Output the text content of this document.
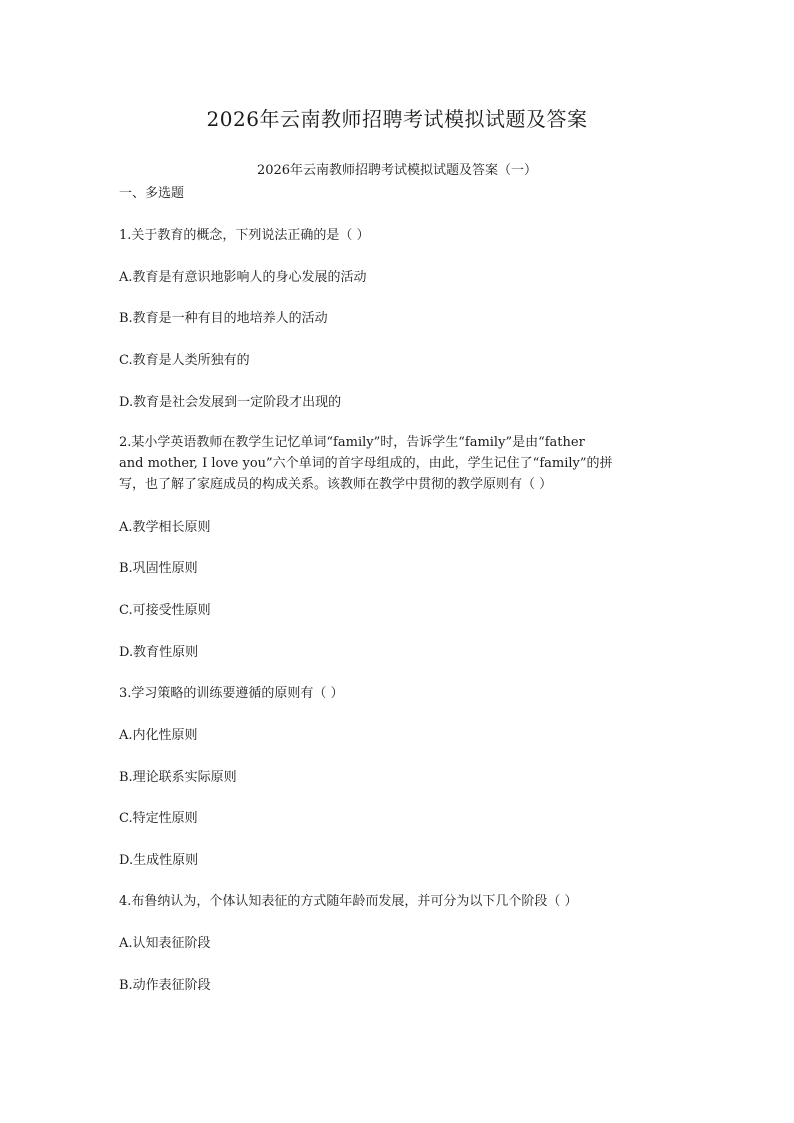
2026年云南教师招聘考试模拟试题及答案
2026年云南教师招聘考试模拟试题及答案（一）
一、多选题
1.关于教育的概念，下列说法正确的是（ ）
A.教育是有意识地影响人的身心发展的活动
B.教育是一种有目的地培养人的活动
C.教育是人类所独有的
D.教育是社会发展到一定阶段才出现的
2.某小学英语教师在教学生记忆单词“family”时，告诉学生“family”是由“father
and mother, I love you”六个单词的首字母组成的，由此，学生记住了“family”的拼
写，也了解了家庭成员的构成关系。该教师在教学中贯彻的教学原则有（ ）
A.教学相长原则
B.巩固性原则
C.可接受性原则
D.教育性原则
3.学习策略的训练要遵循的原则有（ ）
A.内化性原则
B.理论联系实际原则
C.特定性原则
D.生成性原则
4.布鲁纳认为，个体认知表征的方式随年龄而发展，并可分为以下几个阶段（ ）
A.认知表征阶段
B.动作表征阶段
